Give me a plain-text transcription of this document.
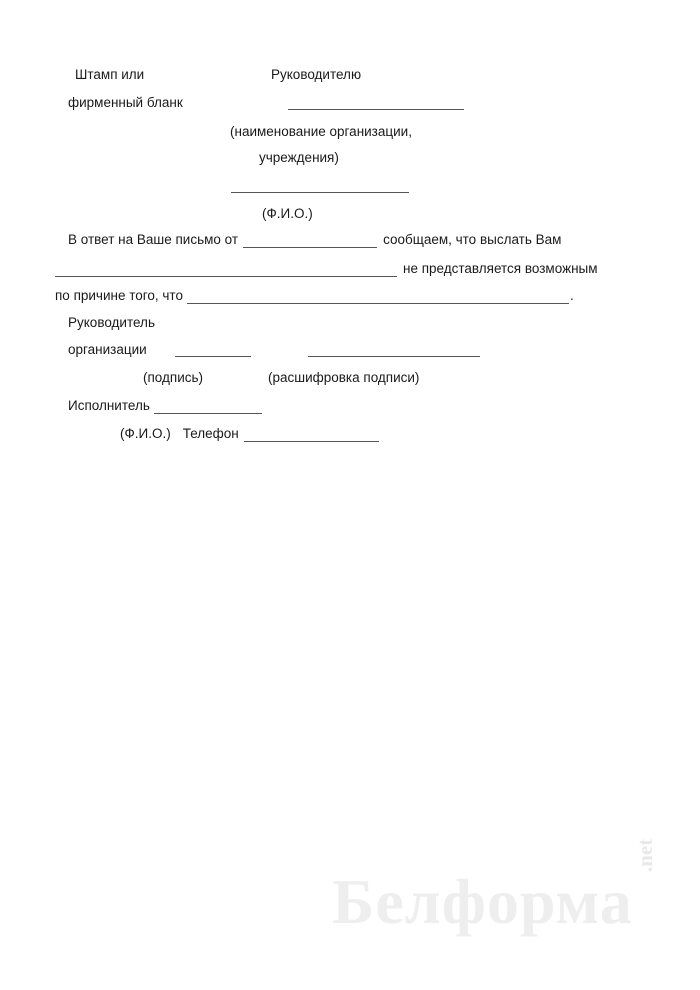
Штамп или

фирменный бланк

Руководителю

(наименование организации,

учреждения)

(Ф.И.О.)

В ответ на Ваше письмо от	сообщаем, что выслать Вам
не представляется возможным
по причине того, что	.

Руководитель

организации

(подпись)	(расшифровка подписи)

Исполнитель
(Ф.И.О.) Телефон
Белформа
.net
